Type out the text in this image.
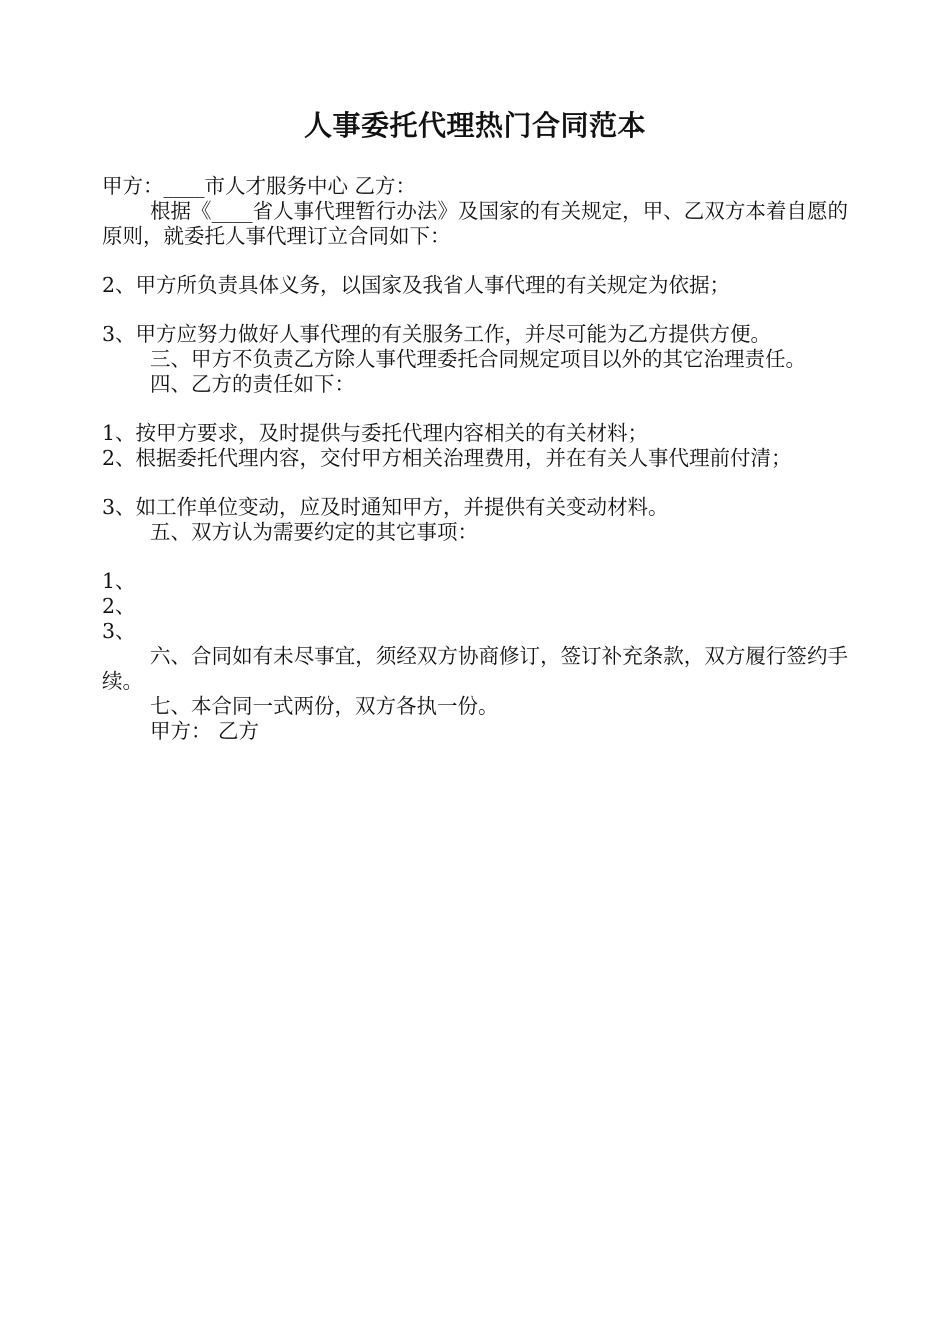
人事委托代理热门合同范本

甲方：____市人才服务中心 乙方：

根据《____省人事代理暂行办法》及国家的有关规定，甲、乙双方本着自愿的原则，就委托人事代理订立合同如下：

2、甲方所负责具体义务，以国家及我省人事代理的有关规定为依据；

3、甲方应努力做好人事代理的有关服务工作，并尽可能为乙方提供方便。

三、甲方不负责乙方除人事代理委托合同规定项目以外的其它治理责任。

四、乙方的责任如下：

1、按甲方要求，及时提供与委托代理内容相关的有关材料；

2、根据委托代理内容，交付甲方相关治理费用，并在有关人事代理前付清；

3、如工作单位变动，应及时通知甲方，并提供有关变动材料。

五、双方认为需要约定的其它事项：

1、

2、

3、

六、合同如有未尽事宜，须经双方协商修订，签订补充条款，双方履行签约手续。

七、本合同一式两份，双方各执一份。

甲方： 乙方
